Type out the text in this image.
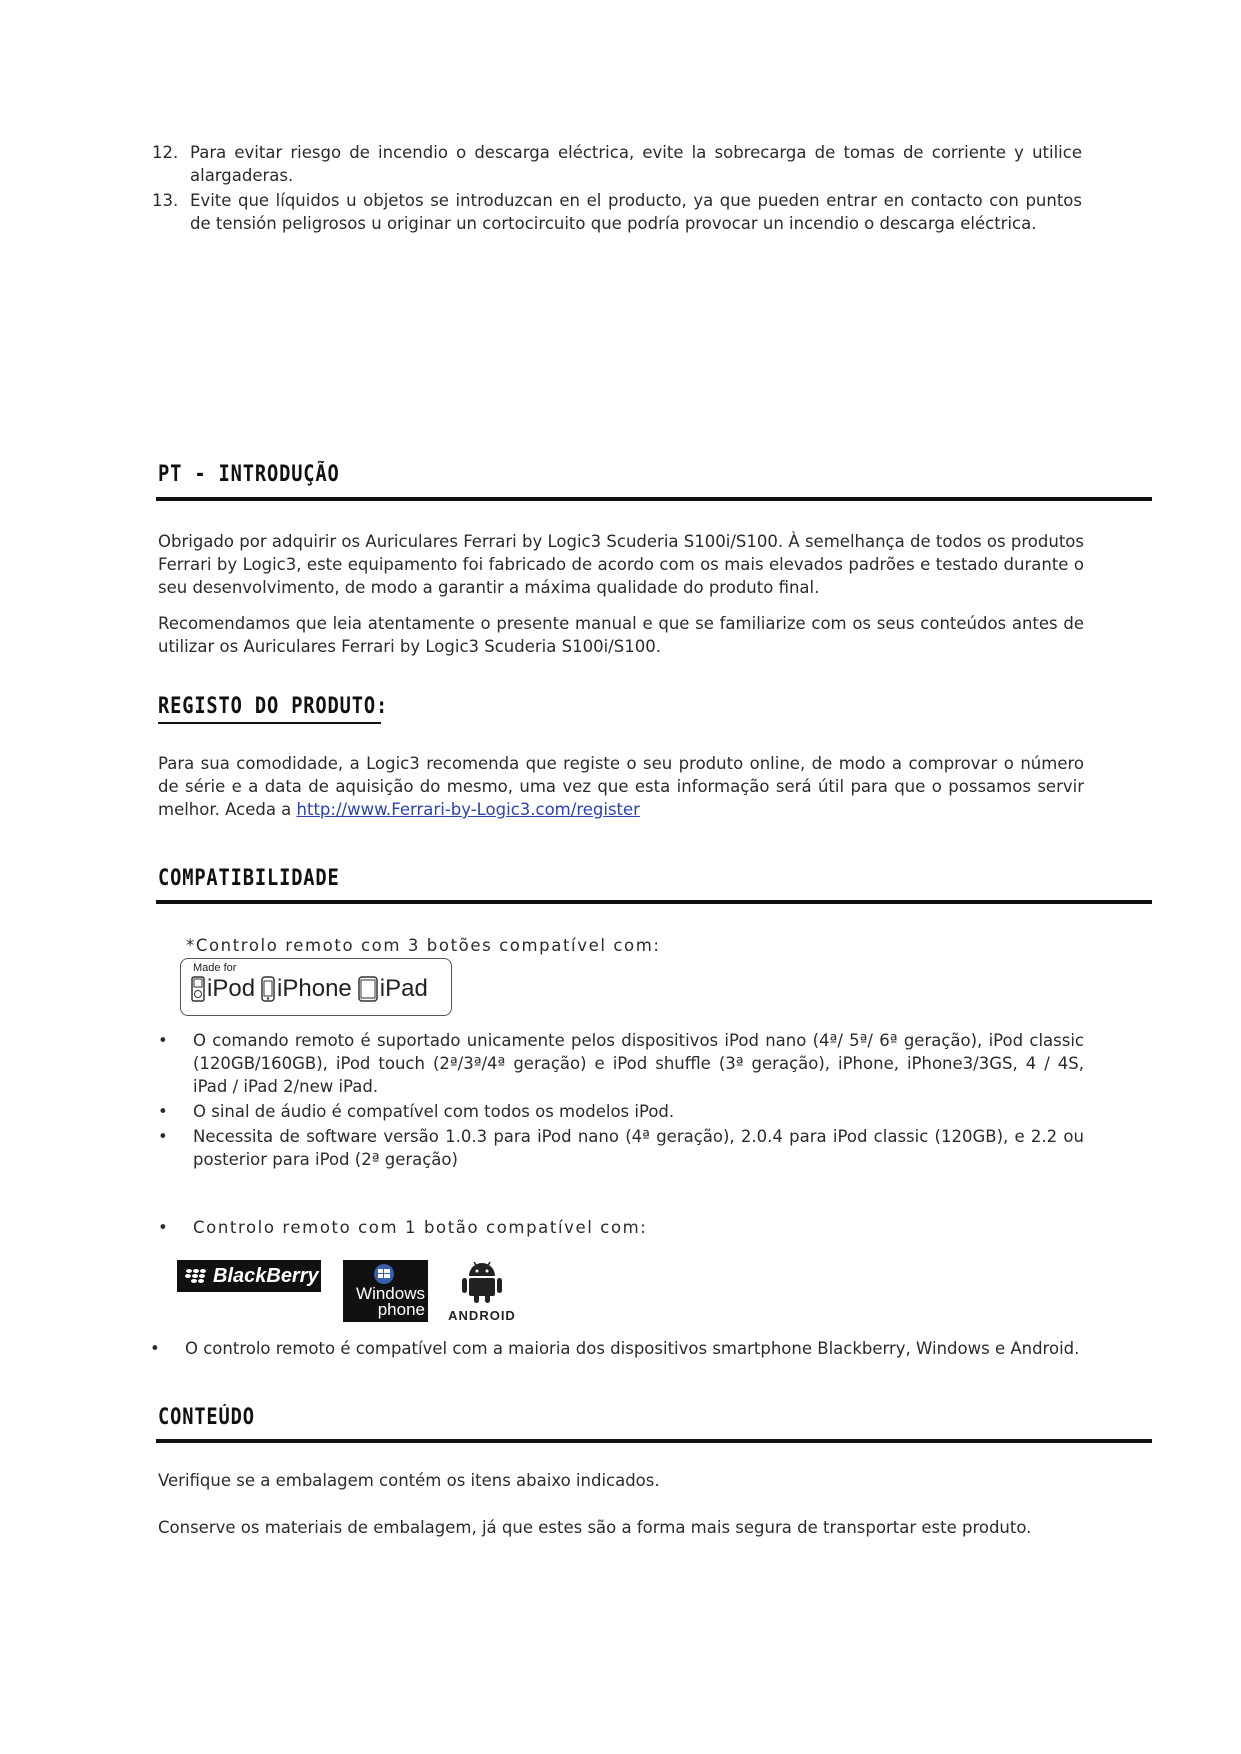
12. Para evitar riesgo de incendio o descarga eléctrica, evite la sobrecarga de tomas de corriente y utilice alargaderas.
13. Evite que líquidos u objetos se introduzcan en el producto, ya que pueden entrar en contacto con puntos de tensión peligrosos u originar un cortocircuito que podría provocar un incendio o descarga eléctrica.
PT - INTRODUÇÃO

Obrigado por adquirir os Auriculares Ferrari by Logic3 Scuderia S100i/S100. À semelhança de todos os produtos Ferrari by Logic3, este equipamento foi fabricado de acordo com os mais elevados padrões e testado durante o seu desenvolvimento, de modo a garantir a máxima qualidade do produto final.

Recomendamos que leia atentamente o presente manual e que se familiarize com os seus conteúdos antes de utilizar os Auriculares Ferrari by Logic3 Scuderia S100i/S100.

REGISTO DO PRODUTO:

Para sua comodidade, a Logic3 recomenda que registe o seu produto online, de modo a comprovar o número de série e a data de aquisição do mesmo, uma vez que esta informação será útil para que o possamos servir melhor. Aceda a http://www.Ferrari-by-Logic3.com/register

COMPATIBILIDADE
*Controlo remoto com 3 botões compatível com:
Made for
iPod iPhone iPad
• O comando remoto é suportado unicamente pelos dispositivos iPod nano (4ª/ 5ª/ 6ª geração), iPod classic (120GB/160GB), iPod touch (2ª/3ª/4ª geração) e iPod shuffle (3ª geração), iPhone, iPhone3/3GS, 4 / 4S, iPad / iPad 2/new iPad.
• O sinal de áudio é compatível com todos os modelos iPod.
• Necessita de software versão 1.0.3 para iPod nano (4ª geração), 2.0.4 para iPod classic (120GB), e 2.2 ou posterior para iPod (2ª geração)
• Controlo remoto com 1 botão compatível com:
BlackBerry
Windows
phone ANDROID
• O controlo remoto é compatível com a maioria dos dispositivos smartphone Blackberry, Windows e Android.
CONTEÚDO

Verifique se a embalagem contém os itens abaixo indicados.

Conserve os materiais de embalagem, já que estes são a forma mais segura de transportar este produto.
